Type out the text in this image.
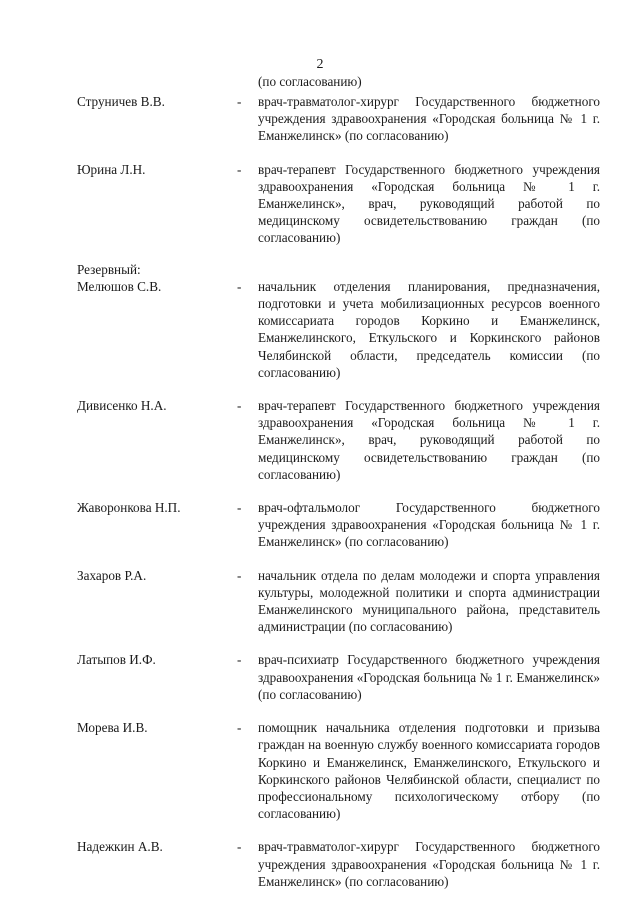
2
(по согласованию)
Струничев В.В.	- врач-травматолог-хирург Государственного бюджетного учреждения здравоохранения «Городская больница № 1 г. Еманжелинск» (по согласованию)
Юрина Л.Н.	- врач-терапевт Государственного бюджетного учреждения здравоохранения «Городская больница № 1 г. Еманжелинск», врач, руководящий работой по медицинскому освидетельствованию граждан (по согласованию)
Резервный:
Мелюшов С.В.	- начальник отделения планирования, предназначения, подготовки и учета мобилизационных ресурсов военного комиссариата городов Коркино и Еманжелинск, Еманжелинского, Еткульского и Коркинского районов Челябинской области, председатель комиссии (по согласованию)
Дивисенко Н.А.	- врач-терапевт Государственного бюджетного учреждения здравоохранения «Городская больница № 1 г. Еманжелинск», врач, руководящий работой по медицинскому освидетельствованию граждан (по согласованию)
Жаворонкова Н.П.	- врач-офтальмолог Государственного бюджетного учреждения здравоохранения «Городская больница № 1 г. Еманжелинск» (по согласованию)
Захаров Р.А.	- начальник отдела по делам молодежи и спорта управления культуры, молодежной политики и спорта администрации Еманжелинского муниципального района, представитель администрации (по согласованию)
Латыпов И.Ф.	- врач-психиатр Государственного бюджетного учреждения здравоохранения «Городская больница № 1 г. Еманжелинск» (по согласованию)
Морева И.В.	- помощник начальника отделения подготовки и призыва граждан на военную службу военного комиссариата городов Коркино и Еманжелинск, Еманжелинского, Еткульского и Коркинского районов Челябинской области, специалист по профессиональному психологическому отбору (по согласованию)
Надежкин А.В.	- врач-травматолог-хирург Государственного бюджетного учреждения здравоохранения «Городская больница № 1 г. Еманжелинск» (по согласованию)
